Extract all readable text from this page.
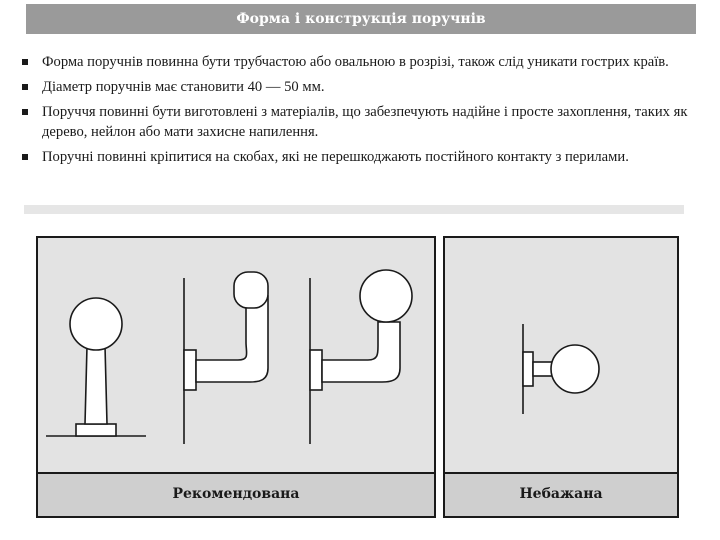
Форма і конструкція поручнів
Форма поручнів повинна бути трубчастою або овальною в розрізі, також слід уникати гострих країв.
Діаметр поручнів має становити 40 — 50 мм.
Поруччя повинні бути виготовлені з матеріалів, що забезпечують надійне і просте захоплення, таких як дерево, нейлон або мати захисне напилення.
Поручні повинні кріпитися на скобах, які не перешкоджають постійного контакту з перилами.
Рекомендована	Небажана
